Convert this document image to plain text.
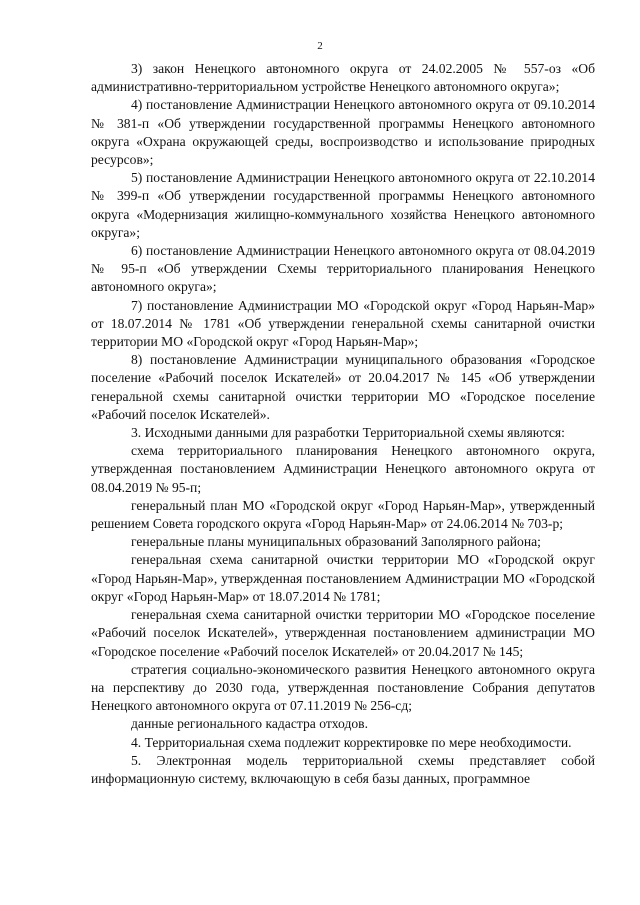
2

3) закон Ненецкого автономного округа от 24.02.2005 № 557-оз «Об административно-территориальном устройстве Ненецкого автономного округа»;

4) постановление Администрации Ненецкого автономного округа от 09.10.2014 № 381-п «Об утверждении государственной программы Ненецкого автономного округа «Охрана окружающей среды, воспроизводство и использование природных ресурсов»;

5) постановление Администрации Ненецкого автономного округа от 22.10.2014 № 399-п «Об утверждении государственной программы Ненецкого автономного округа «Модернизация жилищно-коммунального хозяйства Ненецкого автономного округа»;

6) постановление Администрации Ненецкого автономного округа от 08.04.2019 № 95-п «Об утверждении Схемы территориального планирования Ненецкого автономного округа»;

7) постановление Администрации МО «Городской округ «Город Нарьян-Мар» от 18.07.2014 № 1781 «Об утверждении генеральной схемы санитарной очистки территории МО «Городской округ «Город Нарьян-Мар»;

8) постановление Администрации муниципального образования «Городское поселение «Рабочий поселок Искателей» от 20.04.2017 № 145 «Об утверждении генеральной схемы санитарной очистки территории МО «Городское поселение «Рабочий поселок Искателей».

3. Исходными данными для разработки Территориальной схемы являются:

схема территориального планирования Ненецкого автономного округа, утвержденная постановлением Администрации Ненецкого автономного округа от 08.04.2019 № 95-п;

генеральный план МО «Городской округ «Город Нарьян-Мар», утвержденный решением Совета городского округа «Город Нарьян-Мар» от 24.06.2014 № 703-р;

генеральные планы муниципальных образований Заполярного района;

генеральная схема санитарной очистки территории МО «Городской округ «Город Нарьян-Мар», утвержденная постановлением Администрации МО «Городской округ «Город Нарьян-Мар» от 18.07.2014 № 1781;

генеральная схема санитарной очистки территории МО «Городское поселение «Рабочий поселок Искателей», утвержденная постановлением администрации МО «Городское поселение «Рабочий поселок Искателей» от 20.04.2017 № 145;

стратегия социально-экономического развития Ненецкого автономного округа на перспективу до 2030 года, утвержденная постановление Собрания депутатов Ненецкого автономного округа от 07.11.2019 № 256-сд;

данные регионального кадастра отходов.

4. Территориальная схема подлежит корректировке по мере необходимости.

5. Электронная модель территориальной схемы представляет собой информационную систему, включающую в себя базы данных, программное
